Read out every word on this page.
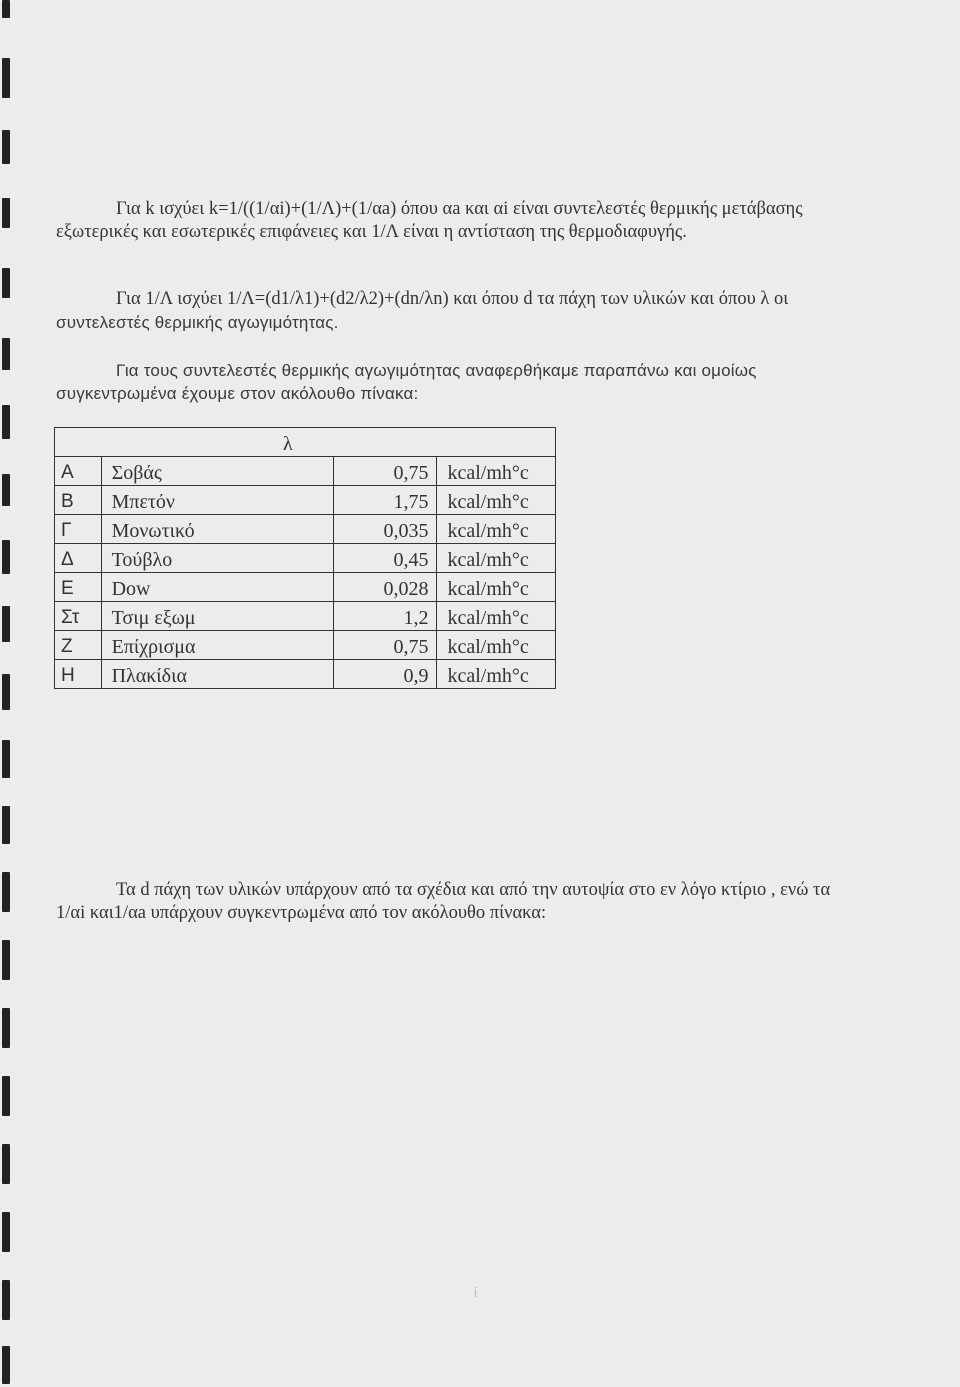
Για k ισχύει k=1/((1/αi)+(1/Λ)+(1/αa) όπου αa και αi είναι συντελεστές θερμικής μετάβασης
εξωτερικές και εσωτερικές επιφάνειες και 1/Λ είναι η αντίσταση της θερμοδιαφυγής.

Για 1/Λ ισχύει 1/Λ=(d1/λ1)+(d2/λ2)+(dn/λn) και όπου d τα πάχη των υλικών και όπου λ οι
συντελεστές θερμικής αγωγιμότητας.

Για τους συντελεστές θερμικής αγωγιμότητας αναφερθήκαμε παραπάνω και ομοίως
συγκεντρωμένα έχουμε στον ακόλουθο πίνακα:

λ			
Α	Σοβάς	0,75	kcal/mh°c
Β	Μπετόν	1,75	kcal/mh°c
Γ	Μονωτικό	0,035	kcal/mh°c
Δ	Τούβλο	0,45	kcal/mh°c
Ε	Dow	0,028	kcal/mh°c
Στ	Τσιμ εξωμ	1,2	kcal/mh°c
Ζ	Επίχρισμα	0,75	kcal/mh°c
Η	Πλακίδια	0,9	kcal/mh°c

Τα d πάχη των υλικών υπάρχουν από τα σχέδια και από την αυτοψία στο εν λόγο κτίριο , ενώ τα
1/αi και1/αa υπάρχουν συγκεντρωμένα από τον ακόλουθο πίνακα:

i
